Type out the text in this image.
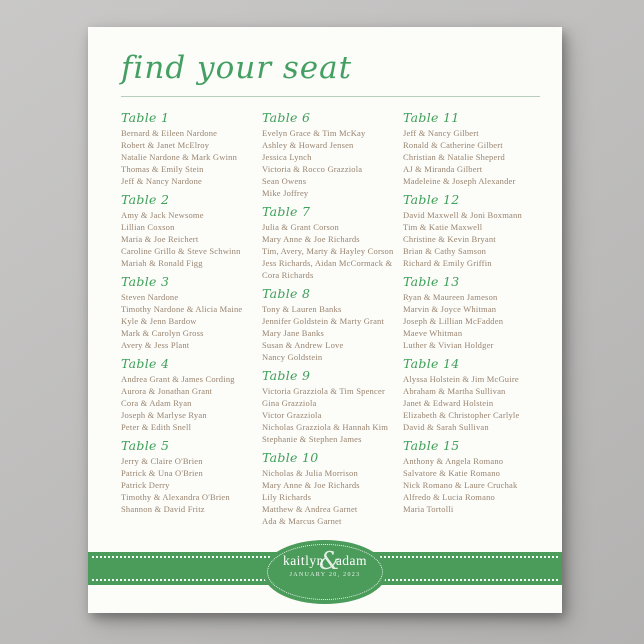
find your seat
Table 1
Bernard & Eileen Nardone
Robert & Janet McElroy
Natalie Nardone & Mark Gwinn
Thomas & Emily Stein
Jeff & Nancy Nardone
Table 2
Amy & Jack Newsome
Lillian Coxson
Maria & Joe Reichert
Caroline Grillo & Steve Schwinn
Mariah & Ronald Figg
Table 3
Steven Nardone
Timothy Nardone & Alicia Maine
Kyle & Jenn Bardow
Mark & Carolyn Gross
Avery & Jess Plant
Table 4
Andrea Grant & James Cording
Aurora & Jonathan Grant
Cora & Adam Ryan
Joseph & Marlyse Ryan
Peter & Edith Snell
Table 5
Jerry & Claire O'Brien
Patrick & Una O'Brien
Patrick Derry
Timothy & Alexandra O'Brien
Shannon & David Fritz
Table 6
Evelyn Grace & Tim McKay
Ashley & Howard Jensen
Jessica Lynch
Victoria & Rocco Grazziola
Sean Owens
Mike Joffrey
Table 7
Julia & Grant Corson
Mary Anne & Joe Richards
Tim, Avery, Marty & Hayley Corson
Jess Richards, Aidan McCormack & Cora Richards
Table 8
Tony & Lauren Banks
Jennifer Goldstein & Marty Grant
Mary Jane Banks
Susan & Andrew Love
Nancy Goldstein
Table 9
Victoria Grazziola & Tim Spencer
Gina Grazziola
Victor Grazziola
Nicholas Grazziola & Hannah Kim
Stephanie & Stephen James
Table 10
Nicholas & Julia Morrison
Mary Anne & Joe Richards
Lily Richards
Matthew & Andrea Garnet
Ada & Marcus Garnet
Table 11
Jeff & Nancy Gilbert
Ronald & Catherine Gilbert
Christian & Natalie Sheperd
AJ & Miranda Gilbert
Madeleine & Joseph Alexander
Table 12
David Maxwell & Joni Boxmann
Tim & Katie Maxwell
Christine & Kevin Bryant
Brian & Cathy Samson
Richard & Emily Griffin
Table 13
Ryan & Maureen Jameson
Marvin & Joyce Whitman
Joseph & Lillian McFadden
Maeve Whitman
Luther & Vivian Holdger
Table 14
Alyssa Holstein & Jim McGuire
Abraham & Martha Sullivan
Janet & Edward Holstein
Elizabeth & Christopher Carlyle
David & Sarah Sullivan
Table 15
Anthony & Angela Romano
Salvatore & Katie Romano
Nick Romano & Laure Cruchak
Alfredo & Lucia Romano
Maria Tortolli
kaitlyn&adam
JANUARY 20, 2023
